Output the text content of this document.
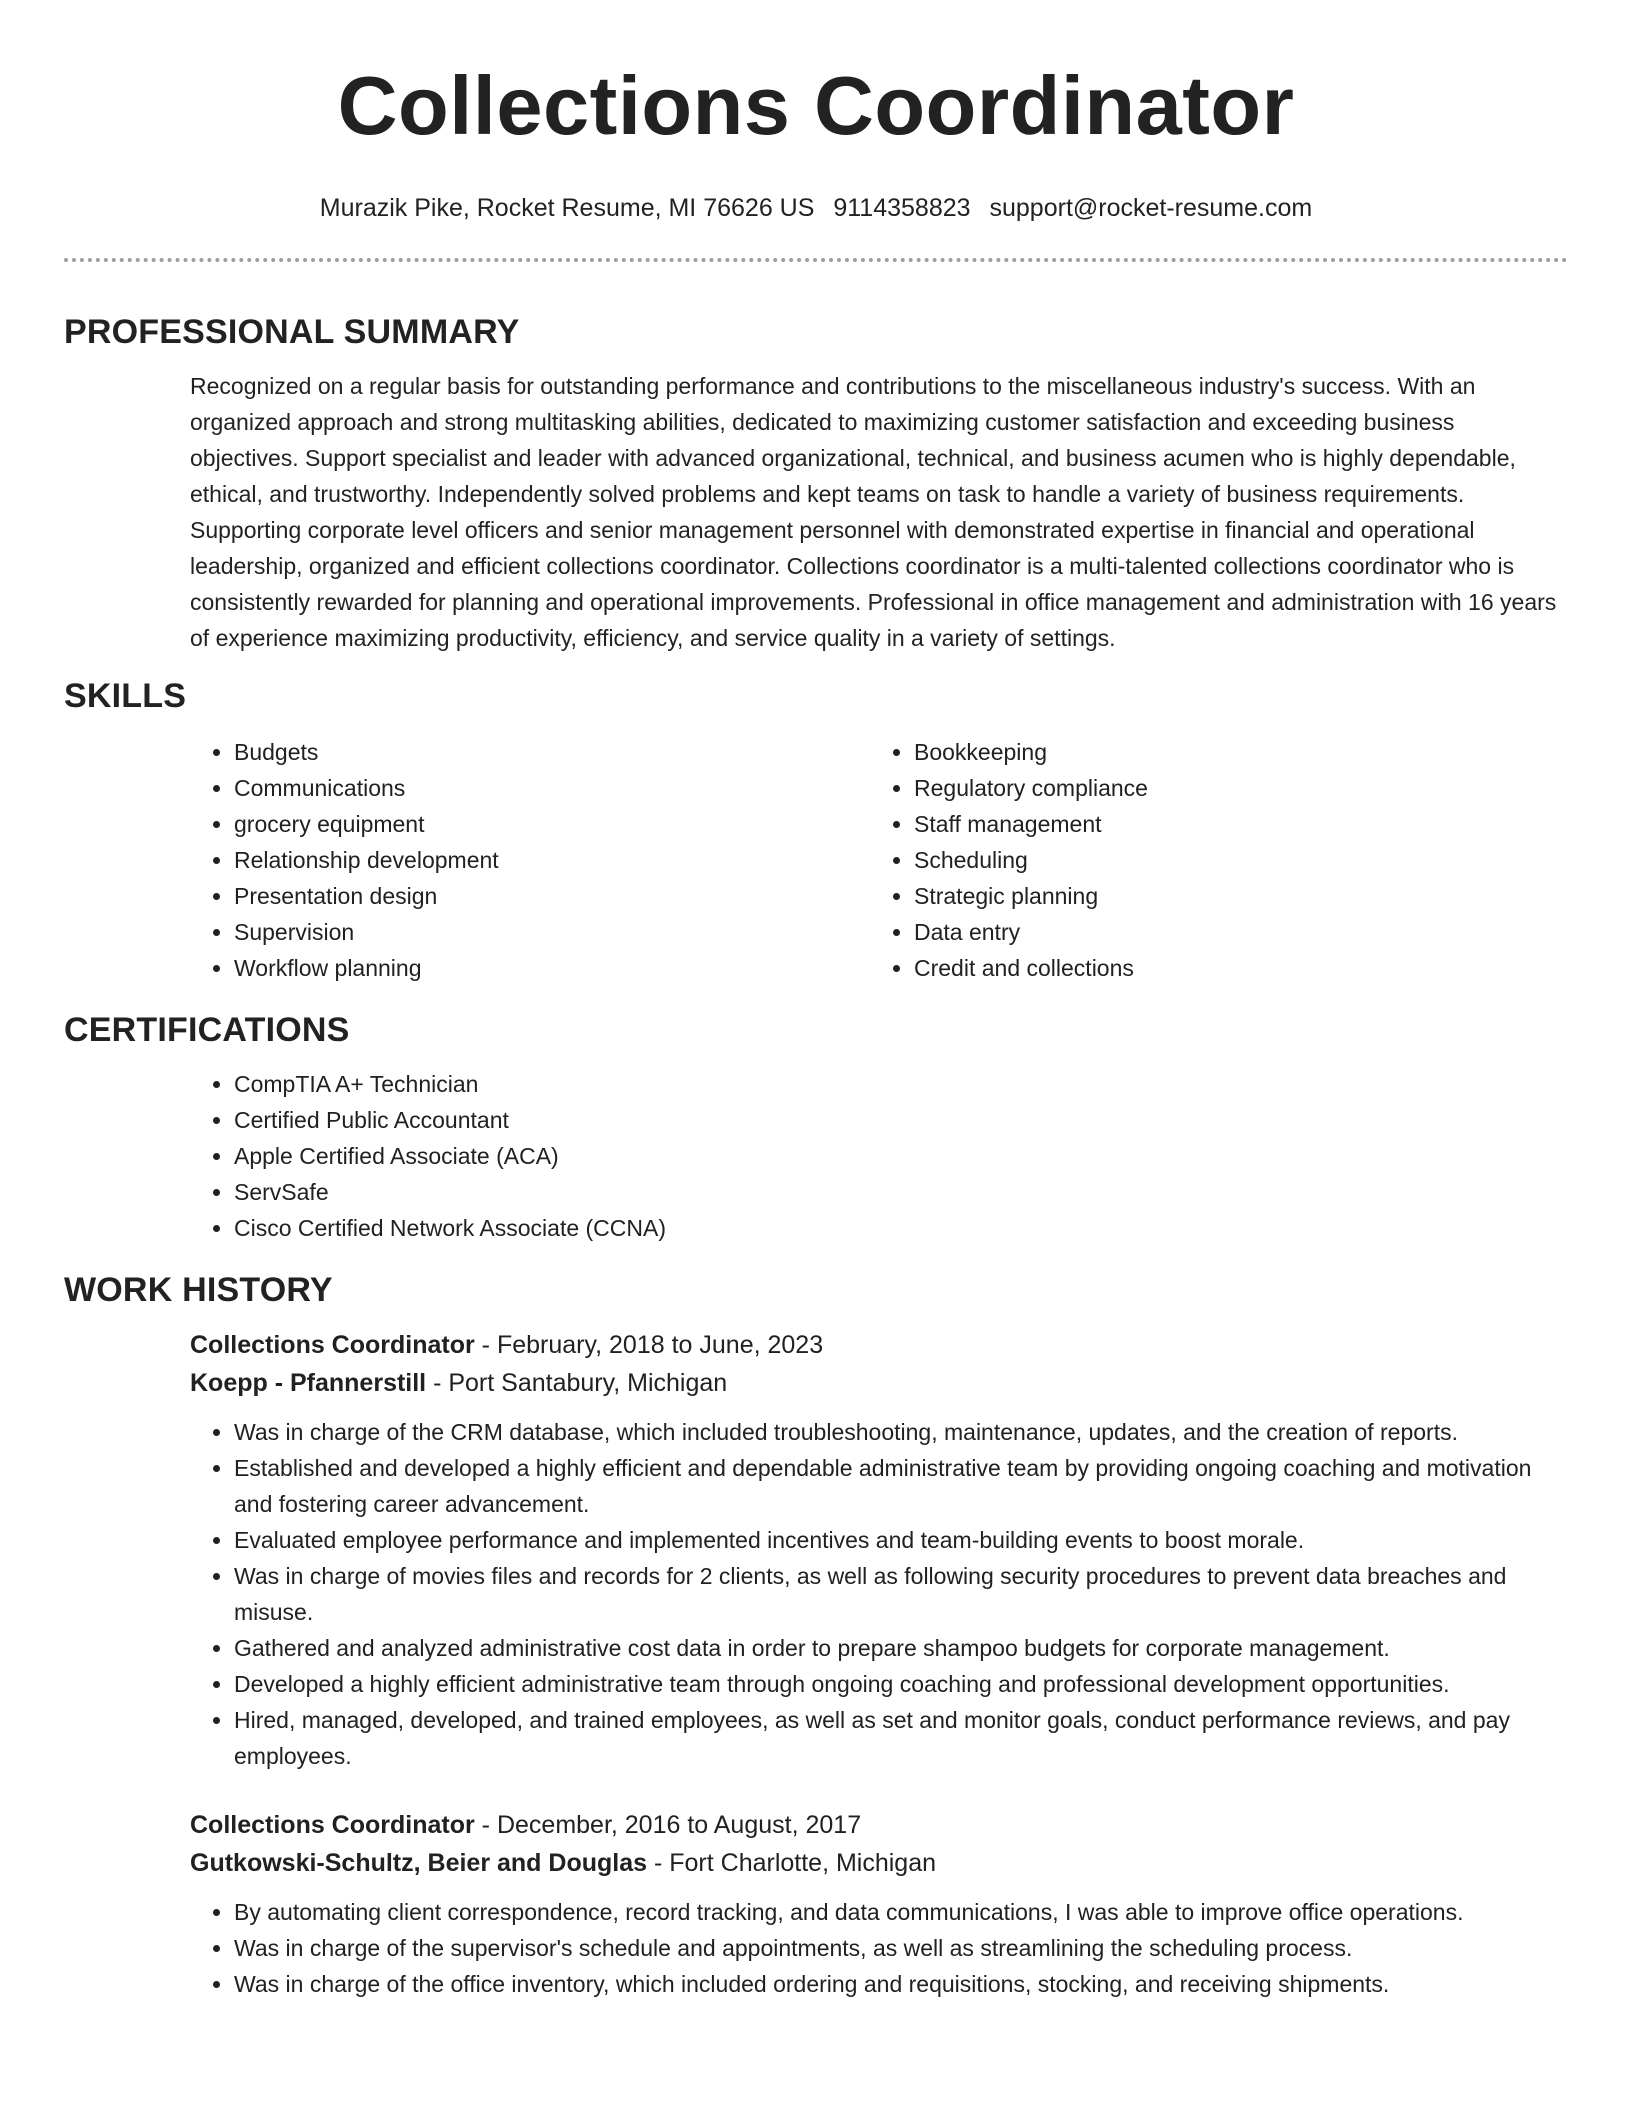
Collections Coordinator
Murazik Pike, Rocket Resume, MI 76626 US 9114358823 support@rocket-resume.com
PROFESSIONAL SUMMARY
Recognized on a regular basis for outstanding performance and contributions to the miscellaneous industry's success. With an organized approach and strong multitasking abilities, dedicated to maximizing customer satisfaction and exceeding business objectives. Support specialist and leader with advanced organizational, technical, and business acumen who is highly dependable, ethical, and trustworthy. Independently solved problems and kept teams on task to handle a variety of business requirements. Supporting corporate level officers and senior management personnel with demonstrated expertise in financial and operational leadership, organized and efficient collections coordinator. Collections coordinator is a multi-talented collections coordinator who is consistently rewarded for planning and operational improvements. Professional in office management and administration with 16 years of experience maximizing productivity, efficiency, and service quality in a variety of settings.
SKILLS
• Budgets
• Communications
• grocery equipment
• Relationship development
• Presentation design
• Supervision
• Workflow planning
• Bookkeeping
• Regulatory compliance
• Staff management
• Scheduling
• Strategic planning
• Data entry
• Credit and collections
CERTIFICATIONS
• CompTIA A+ Technician
• Certified Public Accountant
• Apple Certified Associate (ACA)
• ServSafe
• Cisco Certified Network Associate (CCNA)
WORK HISTORY
Collections Coordinator - February, 2018 to June, 2023
Koepp - Pfannerstill - Port Santabury, Michigan
• Was in charge of the CRM database, which included troubleshooting, maintenance, updates, and the creation of reports.
• Established and developed a highly efficient and dependable administrative team by providing ongoing coaching and motivation and fostering career advancement.
• Evaluated employee performance and implemented incentives and team-building events to boost morale.
• Was in charge of movies files and records for 2 clients, as well as following security procedures to prevent data breaches and misuse.
• Gathered and analyzed administrative cost data in order to prepare shampoo budgets for corporate management.
• Developed a highly efficient administrative team through ongoing coaching and professional development opportunities.
• Hired, managed, developed, and trained employees, as well as set and monitor goals, conduct performance reviews, and pay employees.
Collections Coordinator - December, 2016 to August, 2017
Gutkowski-Schultz, Beier and Douglas - Fort Charlotte, Michigan
• By automating client correspondence, record tracking, and data communications, I was able to improve office operations.
• Was in charge of the supervisor's schedule and appointments, as well as streamlining the scheduling process.
• Was in charge of the office inventory, which included ordering and requisitions, stocking, and receiving shipments.
